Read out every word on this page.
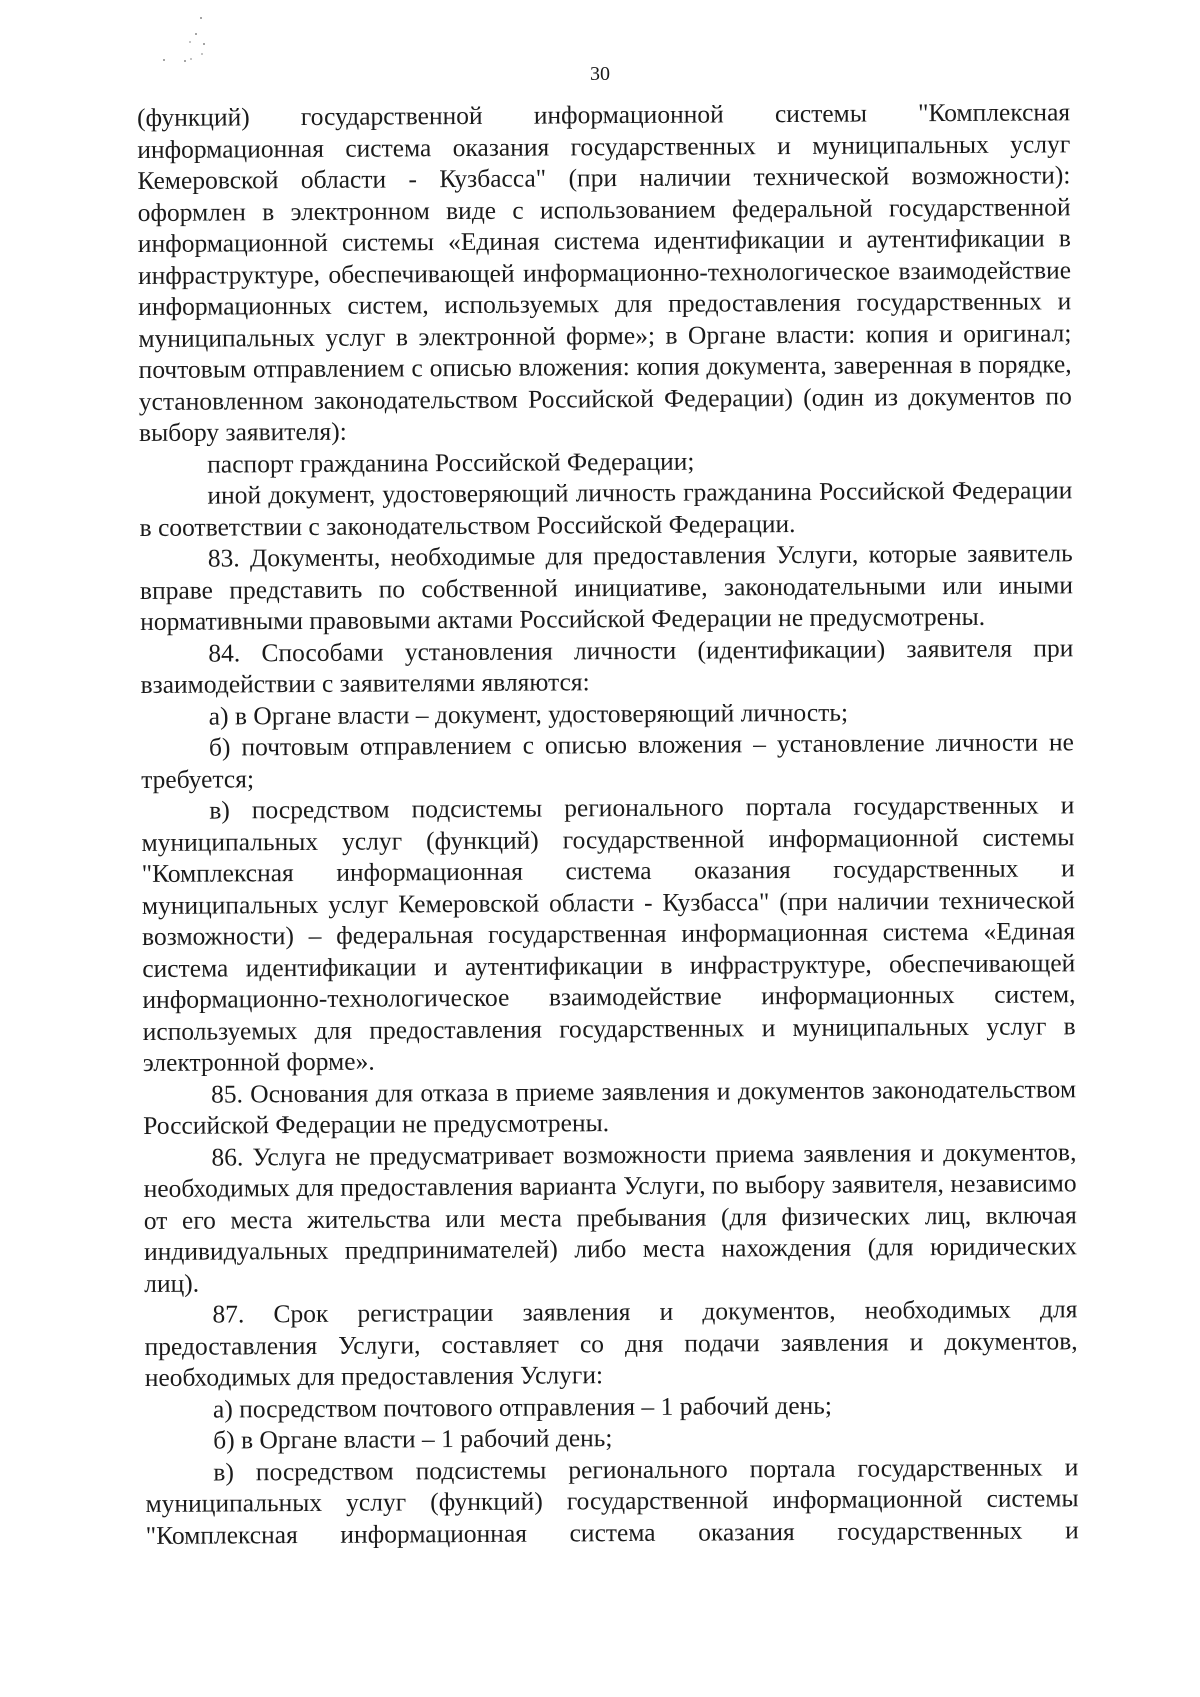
30

(функций) государственной информационной системы "Комплексная информационная система оказания государственных и муниципальных услуг Кемеровской области - Кузбасса" (при наличии технической возможности): оформлен в электронном виде с использованием федеральной государственной информационной системы «Единая система идентификации и аутентификации в инфраструктуре, обеспечивающей информационно-технологическое взаимодействие информационных систем, используемых для предоставления государственных и муниципальных услуг в электронной форме»; в Органе власти: копия и оригинал; почтовым отправлением с описью вложения: копия документа, заверенная в порядке, установленном законодательством Российской Федерации) (один из документов по выбору заявителя):

паспорт гражданина Российской Федерации;

иной документ, удостоверяющий личность гражданина Российской Федерации в соответствии с законодательством Российской Федерации.

83. Документы, необходимые для предоставления Услуги, которые заявитель вправе представить по собственной инициативе, законодательными или иными нормативными правовыми актами Российской Федерации не предусмотрены.

84. Способами установления личности (идентификации) заявителя при взаимодействии с заявителями являются:

а) в Органе власти – документ, удостоверяющий личность;

б) почтовым отправлением с описью вложения – установление личности не требуется;

в) посредством подсистемы регионального портала государственных и муниципальных услуг (функций) государственной информационной системы "Комплексная информационная система оказания государственных и муниципальных услуг Кемеровской области - Кузбасса" (при наличии технической возможности) – федеральная государственная информационная система «Единая система идентификации и аутентификации в инфраструктуре, обеспечивающей информационно-технологическое взаимодействие информационных систем, используемых для предоставления государственных и муниципальных услуг в электронной форме».

85. Основания для отказа в приеме заявления и документов законодательством Российской Федерации не предусмотрены.

86. Услуга не предусматривает возможности приема заявления и документов, необходимых для предоставления варианта Услуги, по выбору заявителя, независимо от его места жительства или места пребывания (для физических лиц, включая индивидуальных предпринимателей) либо места нахождения (для юридических лиц).

87. Срок регистрации заявления и документов, необходимых для предоставления Услуги, составляет со дня подачи заявления и документов, необходимых для предоставления Услуги:

а) посредством почтового отправления – 1 рабочий день;

б) в Органе власти – 1 рабочий день;

в) посредством подсистемы регионального портала государственных и муниципальных услуг (функций) государственной информационной системы "Комплексная информационная система оказания государственных и
